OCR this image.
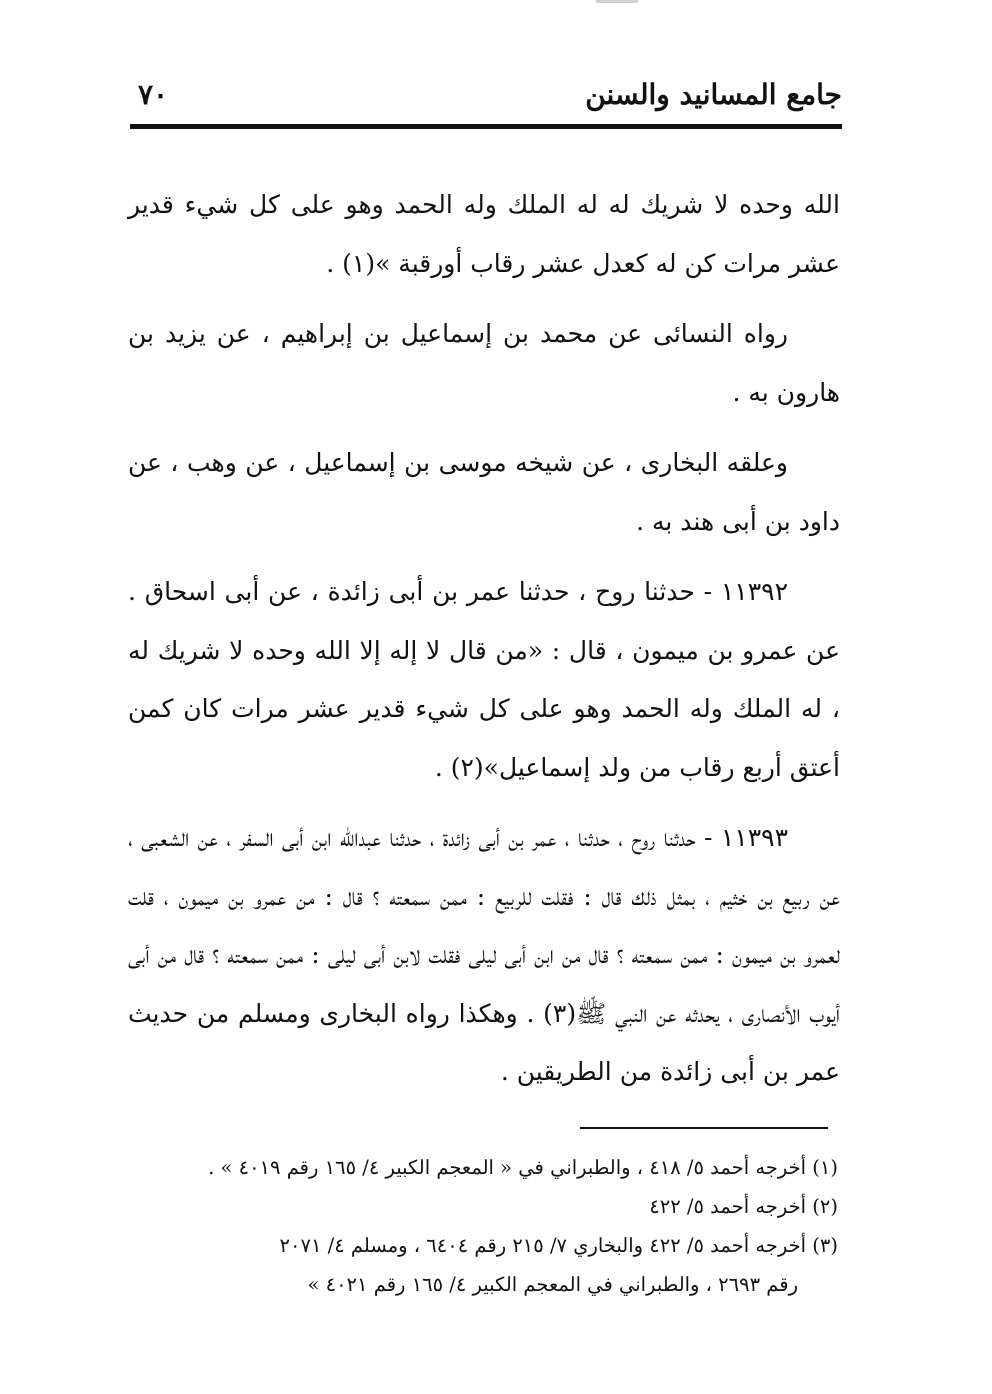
جامع المسانيد والسنن
٧٠

الله وحده لا شريك له له الملك وله الحمد وهو على كل شيء قدير عشر مرات كن له كعدل عشر رقاب أورقبة »(١) .

رواه النسائى عن محمد بن إسماعيل بن إبراهيم ، عن يزيد بن هارون به .

وعلقه البخارى ، عن شيخه موسى بن إسماعيل ، عن وهب ، عن داود بن أبى هند به .

١١٣٩٢ - حدثنا روح ، حدثنا عمر بن أبى زائدة ، عن أبى اسحاق . عن عمرو بن ميمون ، قال : «من قال لا إله إلا الله وحده لا شريك له ، له الملك وله الحمد وهو على كل شيء قدير عشر مرات كان كمن أعتق أربع رقاب من ولد إسماعيل»(٢) .

١١٣٩٣ - حدثنا روح ، حدثنا ، عمر بن أبى زائدة ، حدثنا عبدالله ابن أبى السفر ، عن الشعبى ، عن ربيع بن خثيم ، بمثل ذلك قال : فقلت للربيع : ممن سمعته ؟ قال : من عمرو بن ميمون ، قلت لعمرو بن ميمون : ممن سمعته ؟ قال من ابن أبى ليلى فقلت لابن أبى ليلى : ممن سمعته ؟ قال من أبى أيوب الأنصارى ، يحدثه عن النبي ﷺ(٣) . وهكذا رواه البخارى ومسلم من حديث عمر بن أبى زائدة من الطريقين .

(١) أخرجه أحمد ٥/ ٤١٨ ، والطبراني في « المعجم الكبير ٤/ ١٦٥ رقم ٤٠١٩ » .

(٢) أخرجه أحمد ٥/ ٤٢٢

(٣) أخرجه أحمد ٥/ ٤٢٢ والبخاري ٧/ ٢١٥ رقم ٦٤٠٤ ، ومسلم ٤/ ٢٠٧١

رقم ٢٦٩٣ ، والطبراني في المعجم الكبير ٤/ ١٦٥ رقم ٤٠٢١ »
